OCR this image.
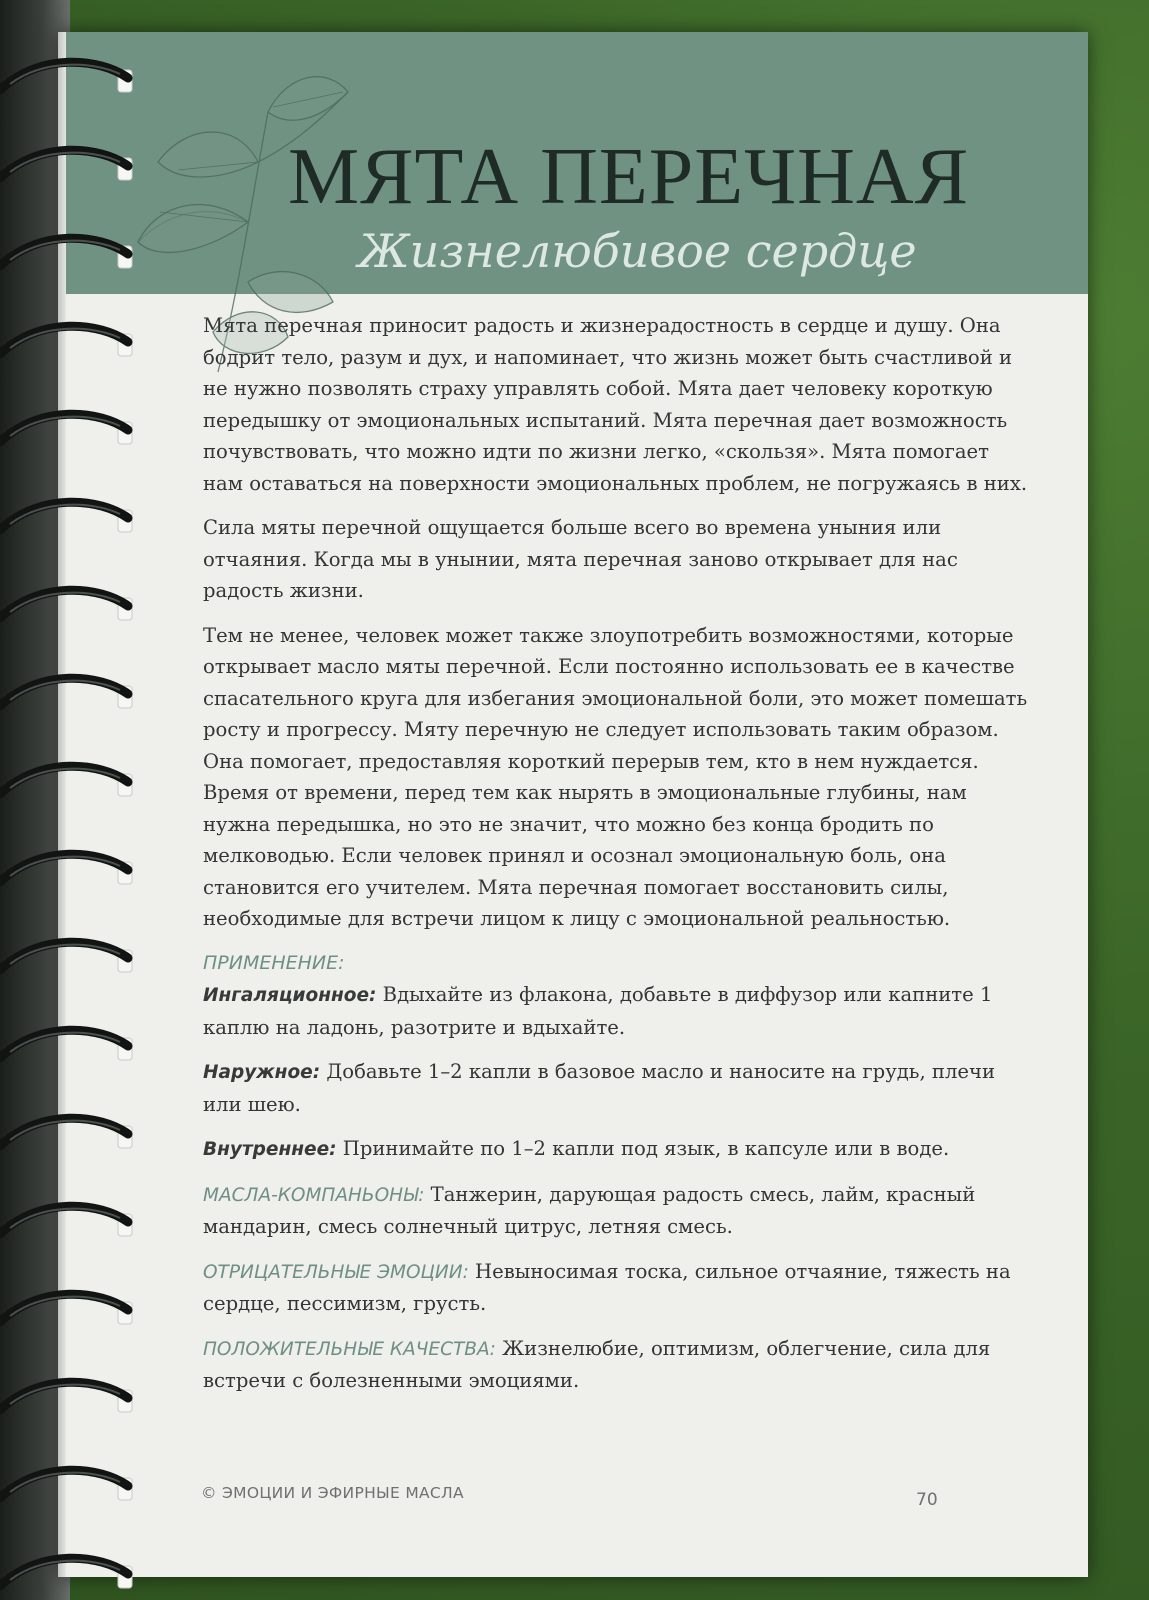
МЯТА ПЕРЕЧНАЯ
Жизнелюбивое сердце

Мята перечная приносит радость и жизнерадостность в сердце и душу. Она бодрит тело, разум и дух, и напоминает, что жизнь может быть счастливой и не нужно позволять страху управлять собой. Мята дает человеку короткую передышку от эмоциональных испытаний. Мята перечная дает возможность почувствовать, что можно идти по жизни легко, «скользя». Мята помогает нам оставаться на поверхности эмоциональных проблем, не погружаясь в них.

Сила мяты перечной ощущается больше всего во времена уныния или отчаяния. Когда мы в унынии, мята перечная заново открывает для нас радость жизни.

Тем не менее, человек может также злоупотребить возможностями, которые открывает масло мяты перечной. Если постоянно использовать ее в качестве спасательного круга для избегания эмоциональной боли, это может помешать росту и прогрессу. Мяту перечную не следует использовать таким образом. Она помогает, предоставляя короткий перерыв тем, кто в нем нуждается. Время от времени, перед тем как нырять в эмоциональные глубины, нам нужна передышка, но это не значит, что можно без конца бродить по мелководью. Если человек принял и осознал эмоциональную боль, она становится его учителем. Мята перечная помогает восстановить силы, необходимые для встречи лицом к лицу с эмоциональной реальностью.

ПРИМЕНЕНИЕ:

Ингаляционное: Вдыхайте из флакона, добавьте в диффузор или капните 1 каплю на ладонь, разотрите и вдыхайте.

Наружное: Добавьте 1–2 капли в базовое масло и наносите на грудь, плечи или шею.

Внутреннее: Принимайте по 1–2 капли под язык, в капсуле или в воде.

МАСЛА-КОМПАНЬОНЫ: Танжерин, дарующая радость смесь, лайм, красный мандарин, смесь солнечный цитрус, летняя смесь.

ОТРИЦАТЕЛЬНЫЕ ЭМОЦИИ: Невыносимая тоска, сильное отчаяние, тяжесть на сердце, пессимизм, грусть.

ПОЛОЖИТЕЛЬНЫЕ КАЧЕСТВА: Жизнелюбие, оптимизм, облегчение, сила для встречи с болезненными эмоциями.

© ЭМОЦИИ И ЭФИРНЫЕ МАСЛА	70
